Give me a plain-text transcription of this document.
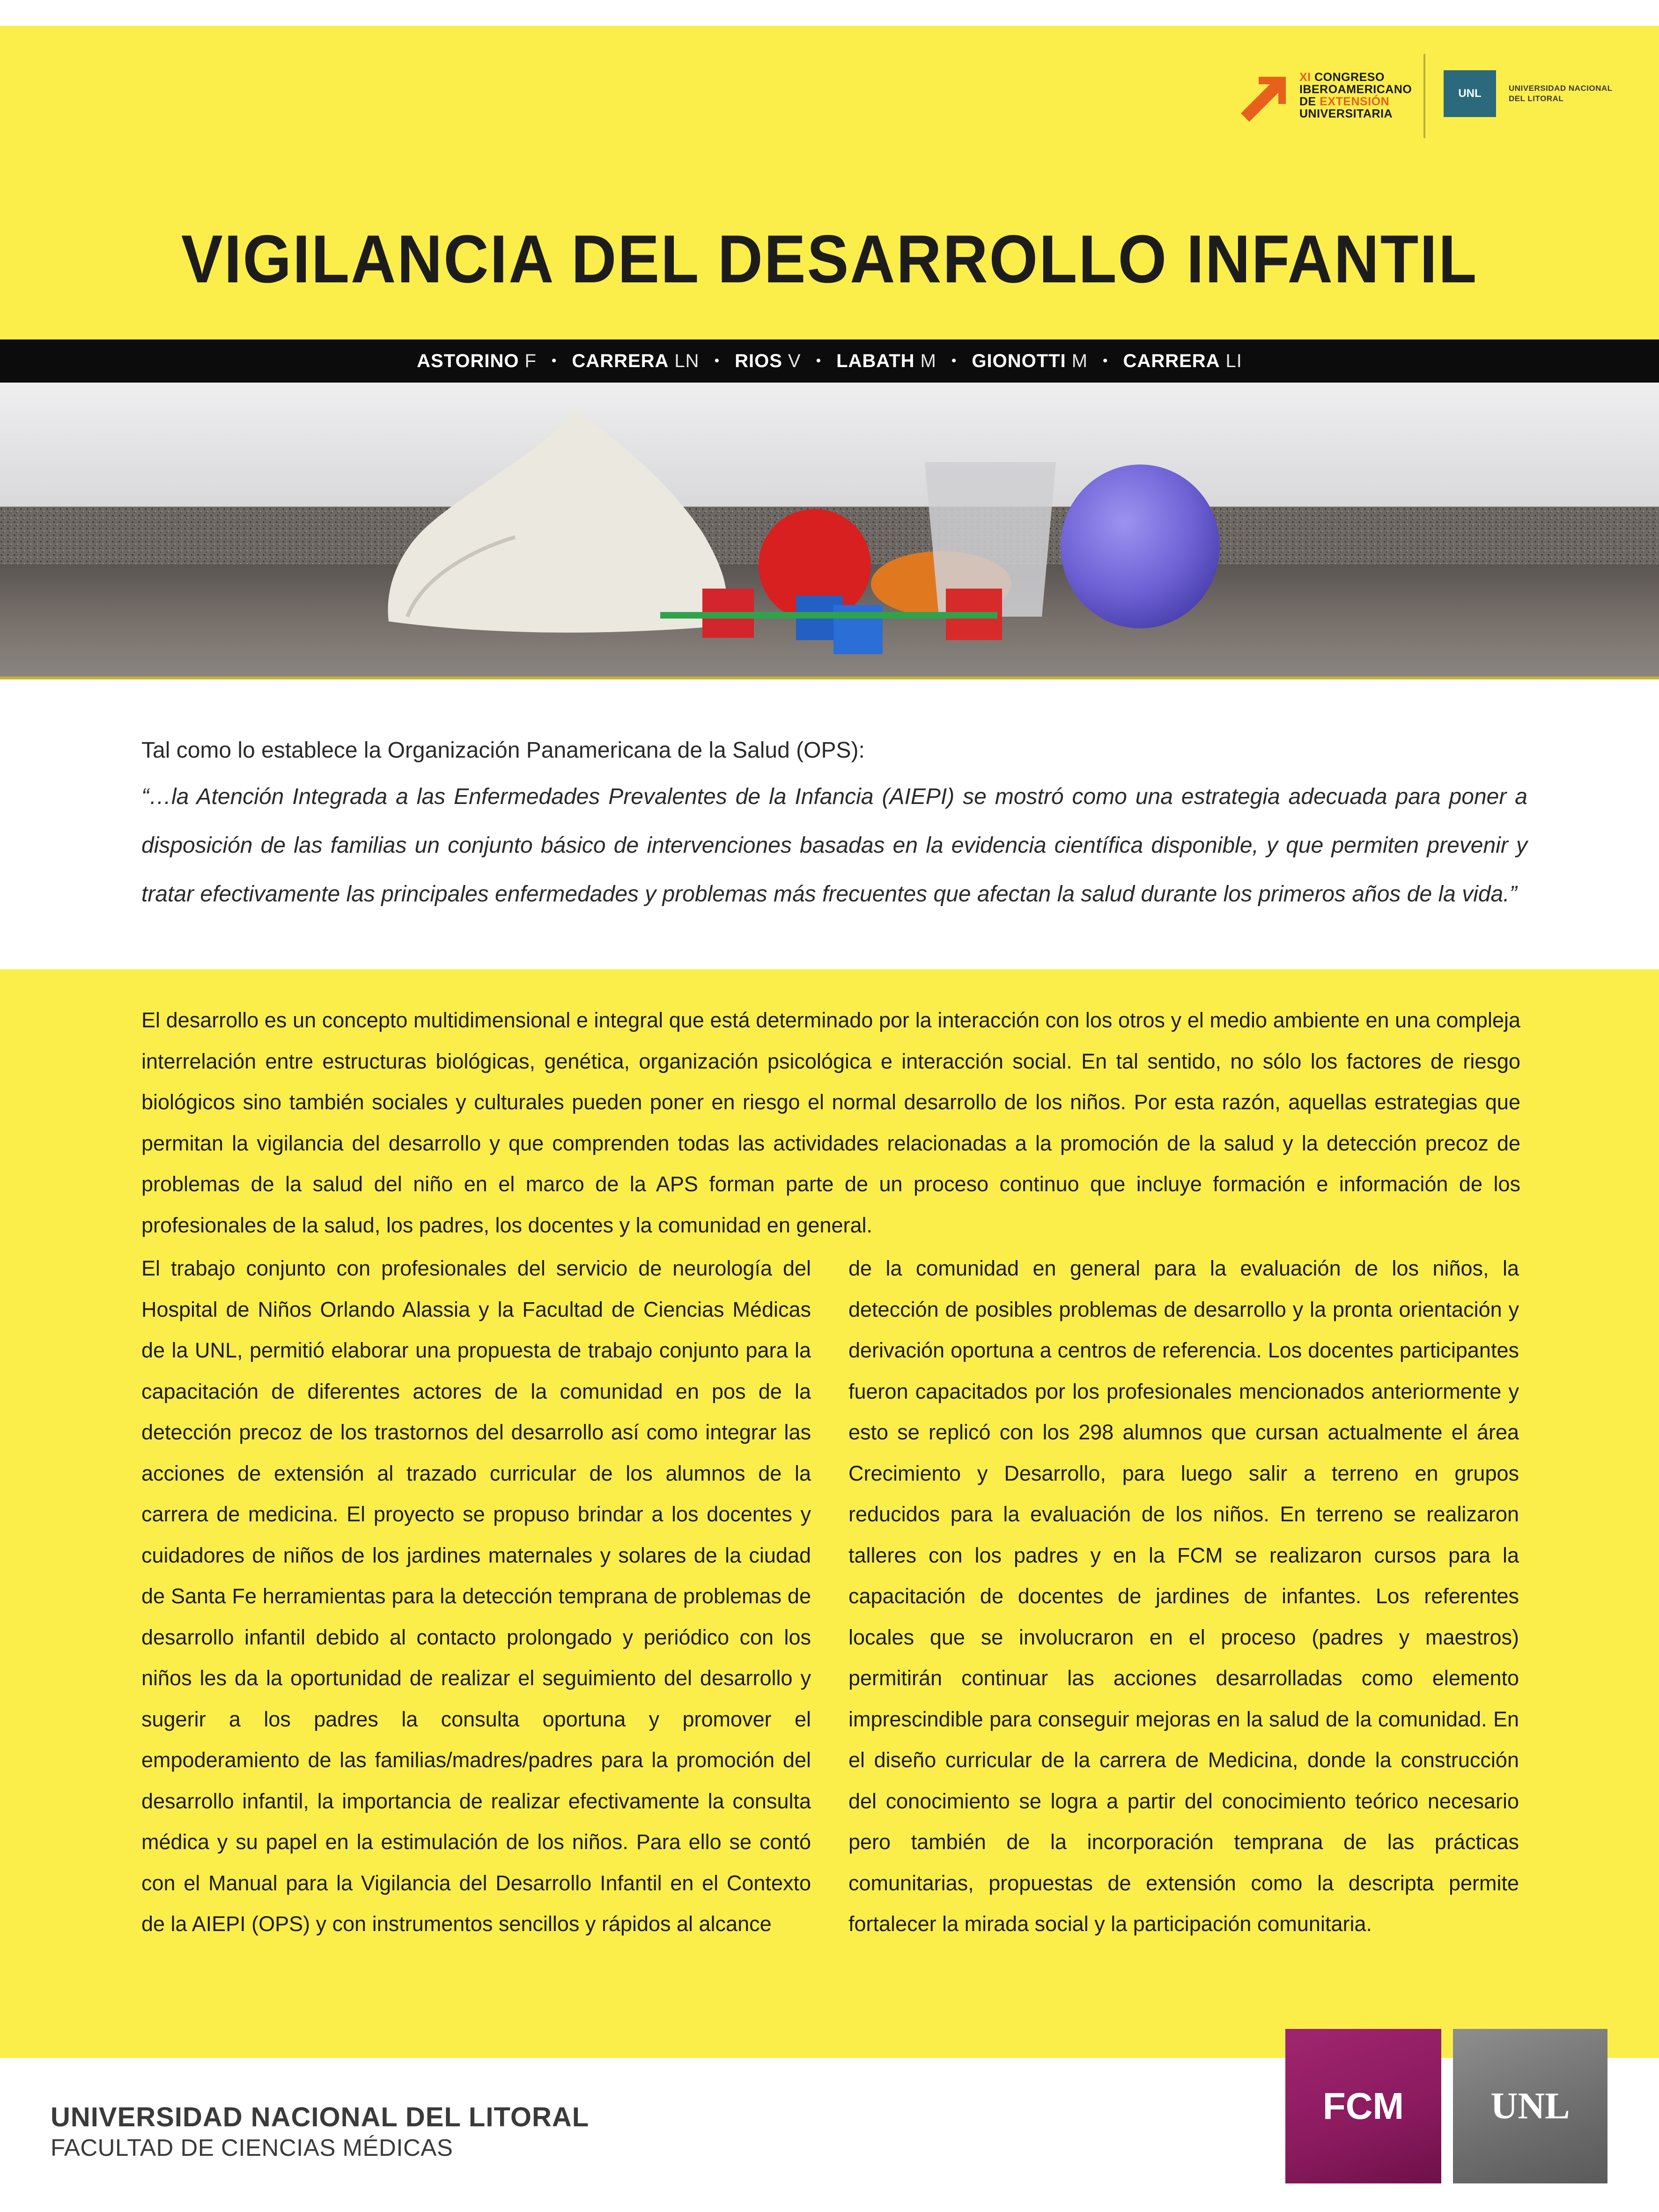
XI CONGRESO
IBEROAMERICANO
DE EXTENSIÓN
UNIVERSITARIA
UNL	UNIVERSIDAD NACIONAL
DEL LITORAL
VIGILANCIA DEL DESARROLLO INFANTIL
ASTORINO F • CARRERA LN • RIOS V • LABATH M • GIONOTTI M • CARRERA LI
Tal como lo establece la Organización Panamericana de la Salud (OPS):
“…la Atención Integrada a las Enfermedades Prevalentes de la Infancia (AIEPI) se mostró como una estrategia adecuada para poner a disposición de las familias un conjunto básico de intervenciones basadas en la evidencia científica disponible, y que permiten prevenir y tratar efectivamente las principales enfermedades y problemas más frecuentes que afectan la salud durante los primeros años de la vida.”
El desarrollo es un concepto multidimensional e integral que está determinado por la interacción con los otros y el medio ambiente en una compleja interrelación entre estructuras biológicas, genética, organización psicológica e interacción social. En tal sentido, no sólo los factores de riesgo biológicos sino también sociales y culturales pueden poner en riesgo el normal desarrollo de los niños. Por esta razón, aquellas estrategias que permitan la vigilancia del desarrollo y que comprenden todas las actividades relacionadas a la promoción de la salud y la detección precoz de problemas de la salud del niño en el marco de la APS forman parte de un proceso continuo que incluye formación e información de los profesionales de la salud, los padres, los docentes y la comunidad en general.
El trabajo conjunto con profesionales del servicio de neurología del Hospital de Niños Orlando Alassia y la Facultad de Ciencias Médicas de la UNL, permitió elaborar una propuesta de trabajo conjunto para la capacitación de diferentes actores de la comunidad en pos de la detección precoz de los trastornos del desarrollo así como integrar las acciones de extensión al trazado curricular de los alumnos de la carrera de medicina. El proyecto se propuso brindar a los docentes y cuidadores de niños de los jardines maternales y solares de la ciudad de Santa Fe herramientas para la detección temprana de problemas de desarrollo infantil debido al contacto prolongado y periódico con los niños les da la oportunidad de realizar el seguimiento del desarrollo y sugerir a los padres la consulta oportuna y promover el empoderamiento de las familias/madres/padres para la promoción del desarrollo infantil, la importancia de realizar efectivamente la consulta médica y su papel en la estimulación de los niños. Para ello se contó con el Manual para la Vigilancia del Desarrollo Infantil en el Contexto de la AIEPI (OPS) y con instrumentos sencillos y rápidos al alcance
de la comunidad en general para la evaluación de los niños, la detección de posibles problemas de desarrollo y la pronta orientación y derivación oportuna a centros de referencia. Los docentes participantes fueron capacitados por los profesionales mencionados anteriormente y esto se replicó con los 298 alumnos que cursan actualmente el área Crecimiento y Desarrollo, para luego salir a terreno en grupos reducidos para la evaluación de los niños. En terreno se realizaron talleres con los padres y en la FCM se realizaron cursos para la capacitación de docentes de jardines de infantes. Los referentes locales que se involucraron en el proceso (padres y maestros) permitirán continuar las acciones desarrolladas como elemento imprescindible para conseguir mejoras en la salud de la comunidad. En el diseño curricular de la carrera de Medicina, donde la construcción del conocimiento se logra a partir del conocimiento teórico necesario pero también de la incorporación temprana de las prácticas comunitarias, propuestas de extensión como la descripta permite fortalecer la mirada social y la participación comunitaria.
UNIVERSIDAD NACIONAL DEL LITORAL
FACULTAD DE CIENCIAS MÉDICAS
FCM	UNL
